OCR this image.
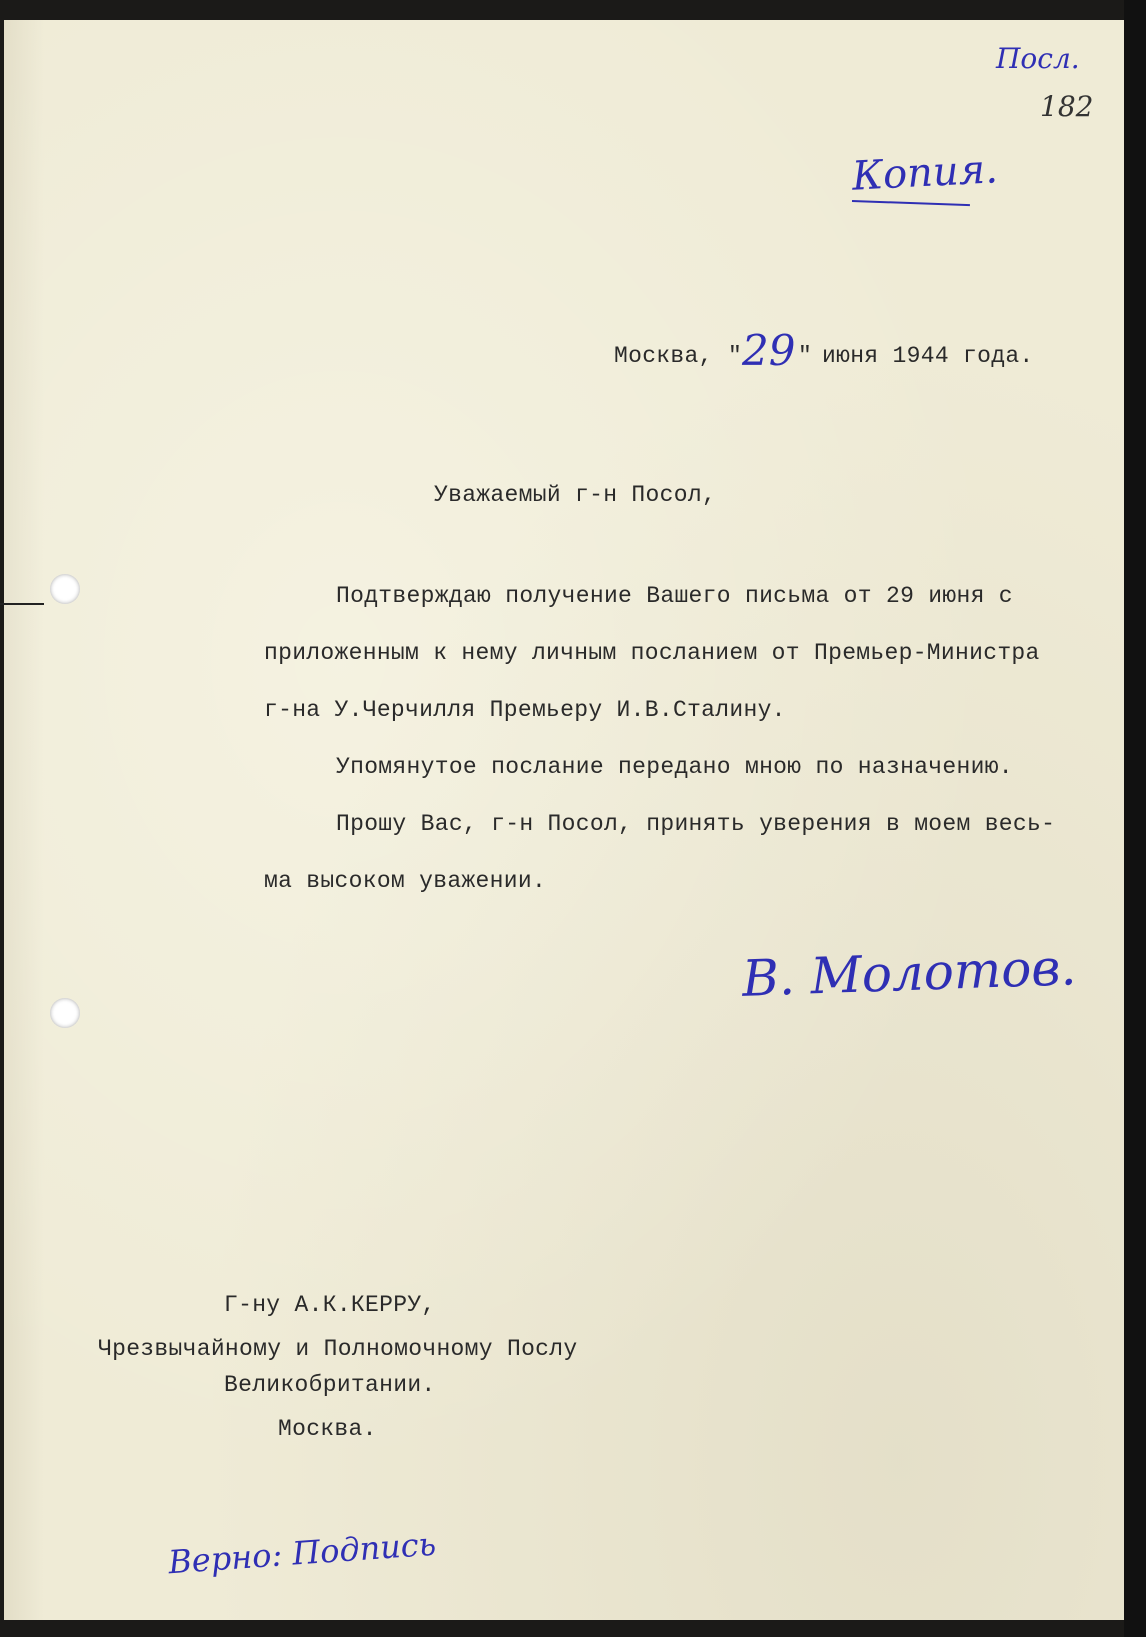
Посл.
182
Копия.
Москва, " 29 " июня 1944 года.
Уважаемый г-н Посол,
Подтверждаю получение Вашего письма от 29 июня с
приложенным к нему личным посланием от Премьер-Министра
г-на У.Черчилля Премьеру И.В.Сталину.
Упомянутое послание передано мною по назначению.
Прошу Вас, г-н Посол, принять уверения в моем весь-
ма высоком уважении.
В. Молотов.
Г-ну А.К.КЕРРУ,
Чрезвычайному и Полномочному Послу
Великобритании.
Москва.
Верно: Подпись
